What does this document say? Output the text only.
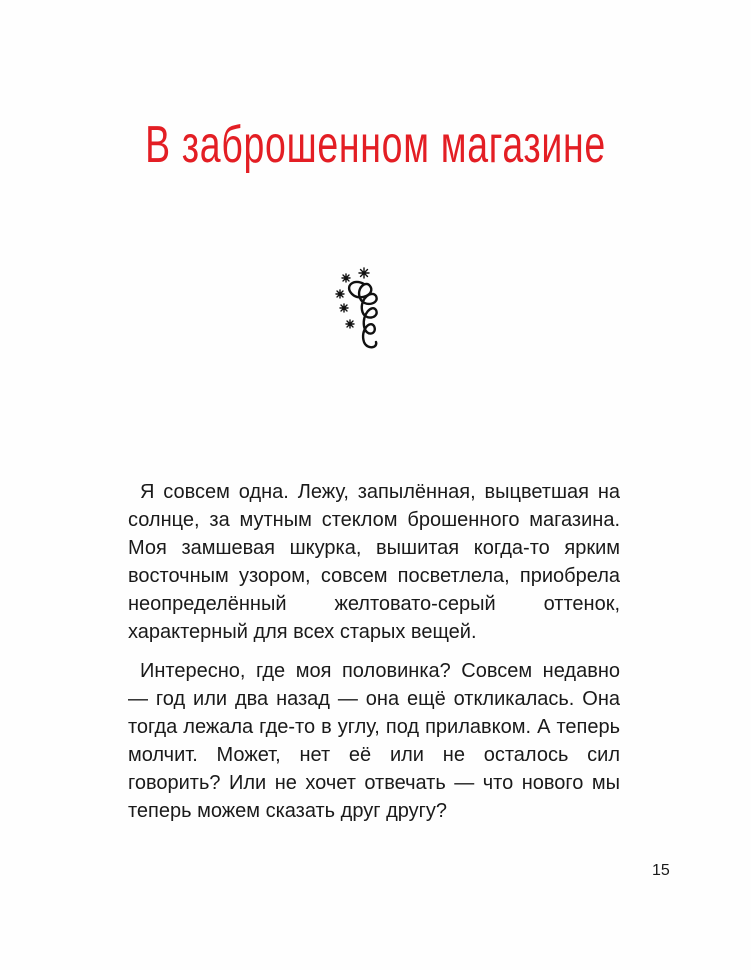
В заброшенном магазине

Я совсем одна. Лежу, запылённая, выцветшая на солнце, за мутным стеклом брошенного магазина. Моя замшевая шкурка, вышитая когда-то ярким восточным узором, совсем посветлела, приобрела неопределённый желтовато-серый оттенок, характерный для всех старых вещей.

Интересно, где моя половинка? Совсем недавно — год или два назад — она ещё откликалась. Она тогда лежала где-то в углу, под прилавком. А теперь молчит. Может, нет её или не осталось сил говорить? Или не хочет отвечать — что нового мы теперь можем сказать друг другу?

15
